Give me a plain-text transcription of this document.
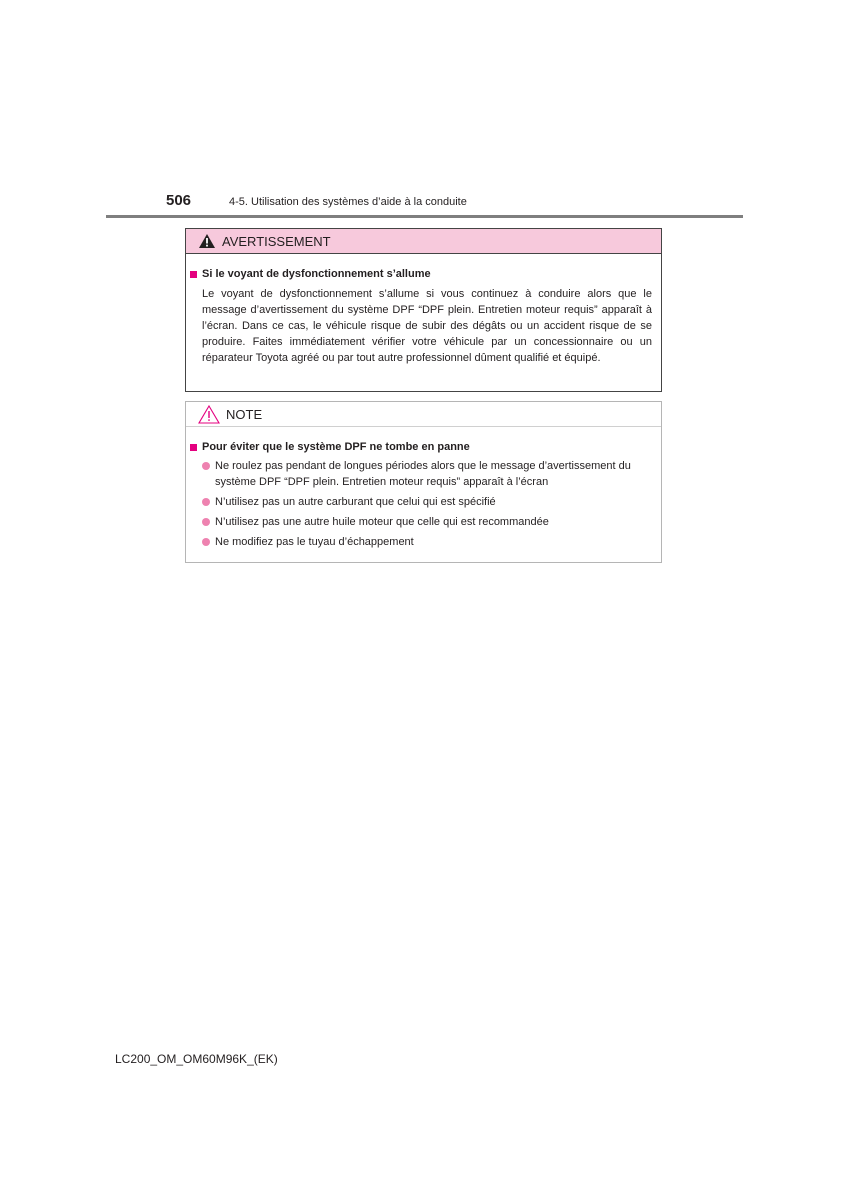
506	4-5. Utilisation des systèmes d’aide à la conduite
AVERTISSEMENT
Si le voyant de dysfonctionnement s’allume
Le voyant de dysfonctionnement s’allume si vous continuez à conduire alors que le message d’avertissement du système DPF “DPF plein. Entretien moteur requis” apparaît à l’écran. Dans ce cas, le véhicule risque de subir des dégâts ou un accident risque de se produire. Faites immédiatement vérifier votre véhicule par un concessionnaire ou un réparateur Toyota agréé ou par tout autre professionnel dûment qualifié et équipé.
NOTE
Pour éviter que le système DPF ne tombe en panne
Ne roulez pas pendant de longues périodes alors que le message d’avertissement du système DPF “DPF plein. Entretien moteur requis” apparaît à l’écran
N’utilisez pas un autre carburant que celui qui est spécifié
N’utilisez pas une autre huile moteur que celle qui est recommandée
Ne modifiez pas le tuyau d’échappement
LC200_OM_OM60M96K_(EK)
